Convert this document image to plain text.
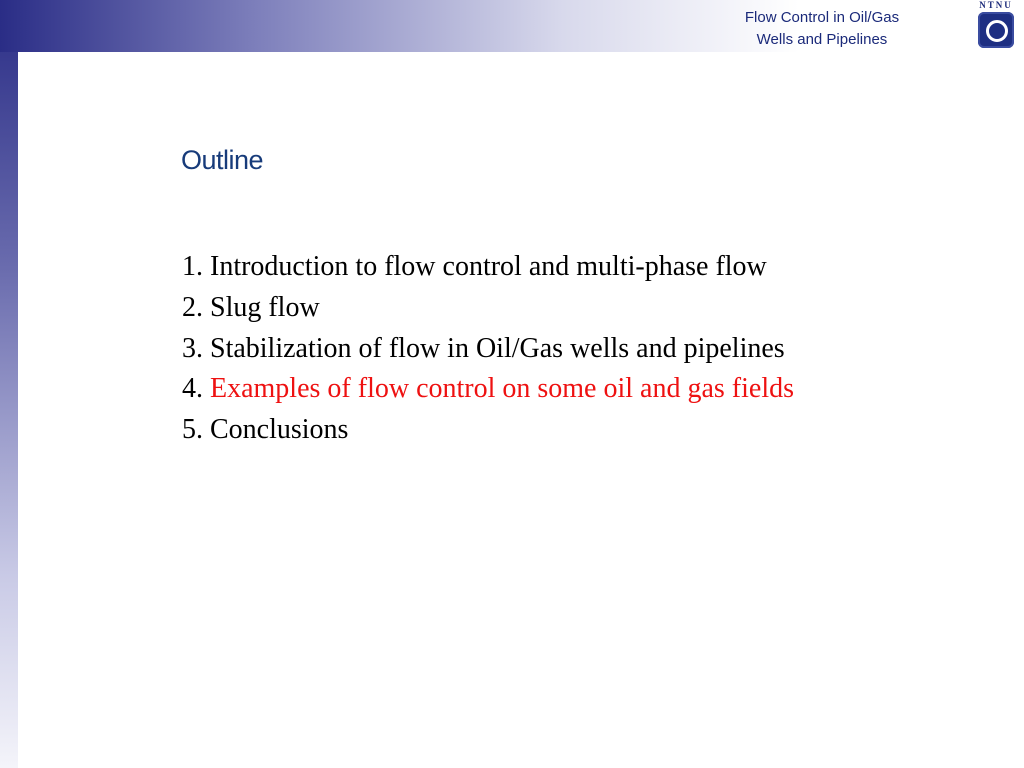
Flow Control in Oil/Gas
Wells and Pipelines
NTNU
Outline
1. Introduction to flow control and multi-phase flow
2. Slug flow
3. Stabilization of flow in Oil/Gas wells and pipelines
4. Examples of flow control on some oil and gas fields
5. Conclusions
